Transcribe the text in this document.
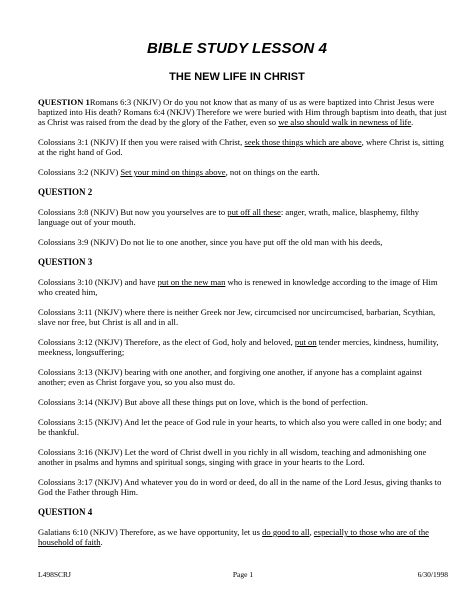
BIBLE STUDY LESSON 4
THE NEW LIFE IN CHRIST

QUESTION 1Romans 6:3 (NKJV) Or do you not know that as many of us as were baptized into Christ Jesus were baptized into His death? Romans 6:4 (NKJV) Therefore we were buried with Him through baptism into death, that just as Christ was raised from the dead by the glory of the Father, even so we also should walk in newness of life.

Colossians 3:1 (NKJV) If then you were raised with Christ, seek those things which are above, where Christ is, sitting at the right hand of God.

Colossians 3:2 (NKJV) Set your mind on things above, not on things on the earth.

QUESTION 2

Colossians 3:8 (NKJV) But now you yourselves are to put off all these: anger, wrath, malice, blasphemy, filthy language out of your mouth.

Colossians 3:9 (NKJV) Do not lie to one another, since you have put off the old man with his deeds,

QUESTION 3

Colossians 3:10 (NKJV) and have put on the new man who is renewed in knowledge according to the image of Him who created him,

Colossians 3:11 (NKJV) where there is neither Greek nor Jew, circumcised nor uncircumcised, barbarian, Scythian, slave nor free, but Christ is all and in all.

Colossians 3:12 (NKJV) Therefore, as the elect of God, holy and beloved, put on tender mercies, kindness, humility, meekness, longsuffering;

Colossians 3:13 (NKJV) bearing with one another, and forgiving one another, if anyone has a complaint against another; even as Christ forgave you, so you also must do.

Colossians 3:14 (NKJV) But above all these things put on love, which is the bond of perfection.

Colossians 3:15 (NKJV) And let the peace of God rule in your hearts, to which also you were called in one body; and be thankful.

Colossians 3:16 (NKJV) Let the word of Christ dwell in you richly in all wisdom, teaching and admonishing one another in psalms and hymns and spiritual songs, singing with grace in your hearts to the Lord.

Colossians 3:17 (NKJV) And whatever you do in word or deed, do all in the name of the Lord Jesus, giving thanks to God the Father through Him.

QUESTION 4

Galatians 6:10 (NKJV) Therefore, as we have opportunity, let us do good to all, especially to those who are of the household of faith.

L498SCRJ	Page 1	6/30/1998
